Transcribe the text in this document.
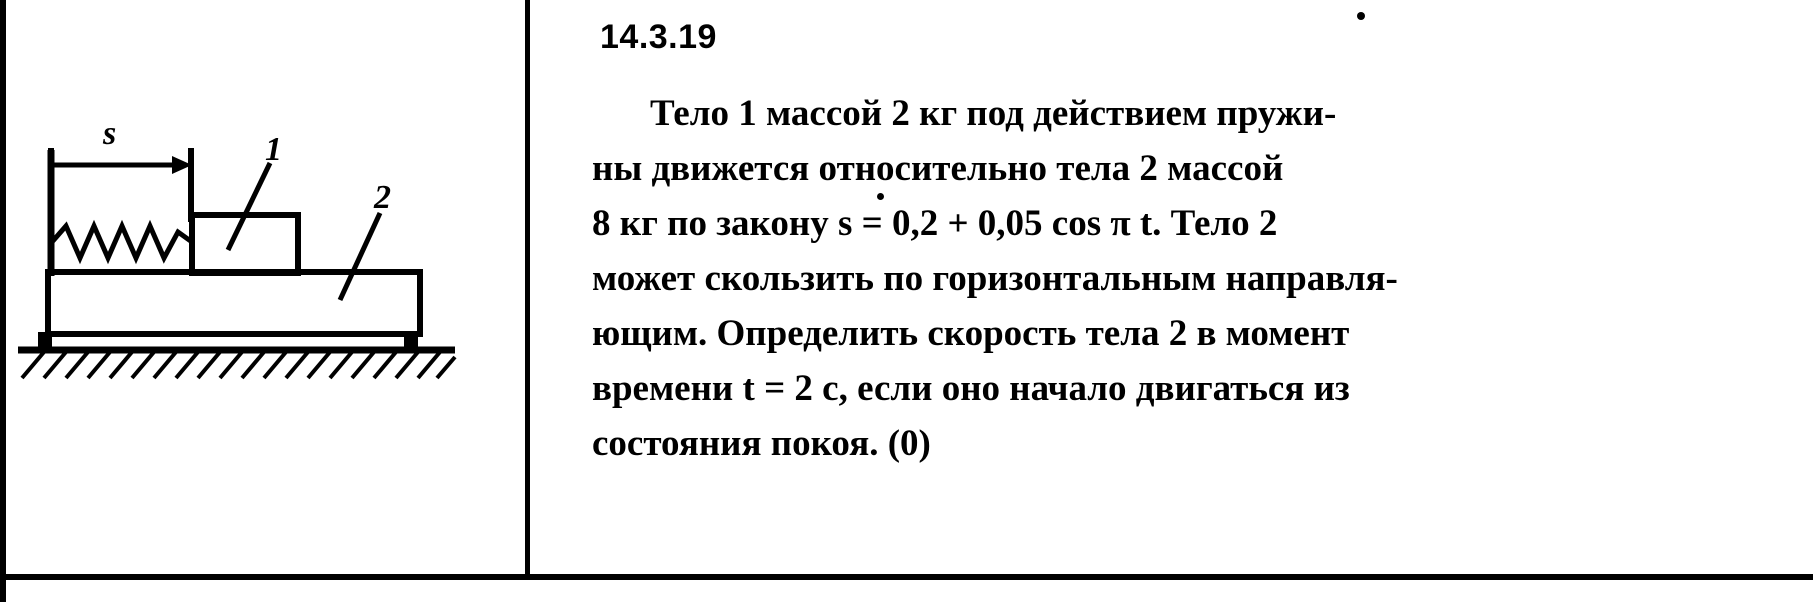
s	1
2
14.3.19
Тело 1 массой 2 кг под действием пружи-
ны движется относительно тела 2 массой
8 кг по закону s = 0,2 + 0,05 cos π t. Тело 2
может скользить по горизонтальным направля-
ющим. Определить скорость тела 2 в момент
времени t = 2 с, если оно начало двигаться из
состояния покоя. (0)
